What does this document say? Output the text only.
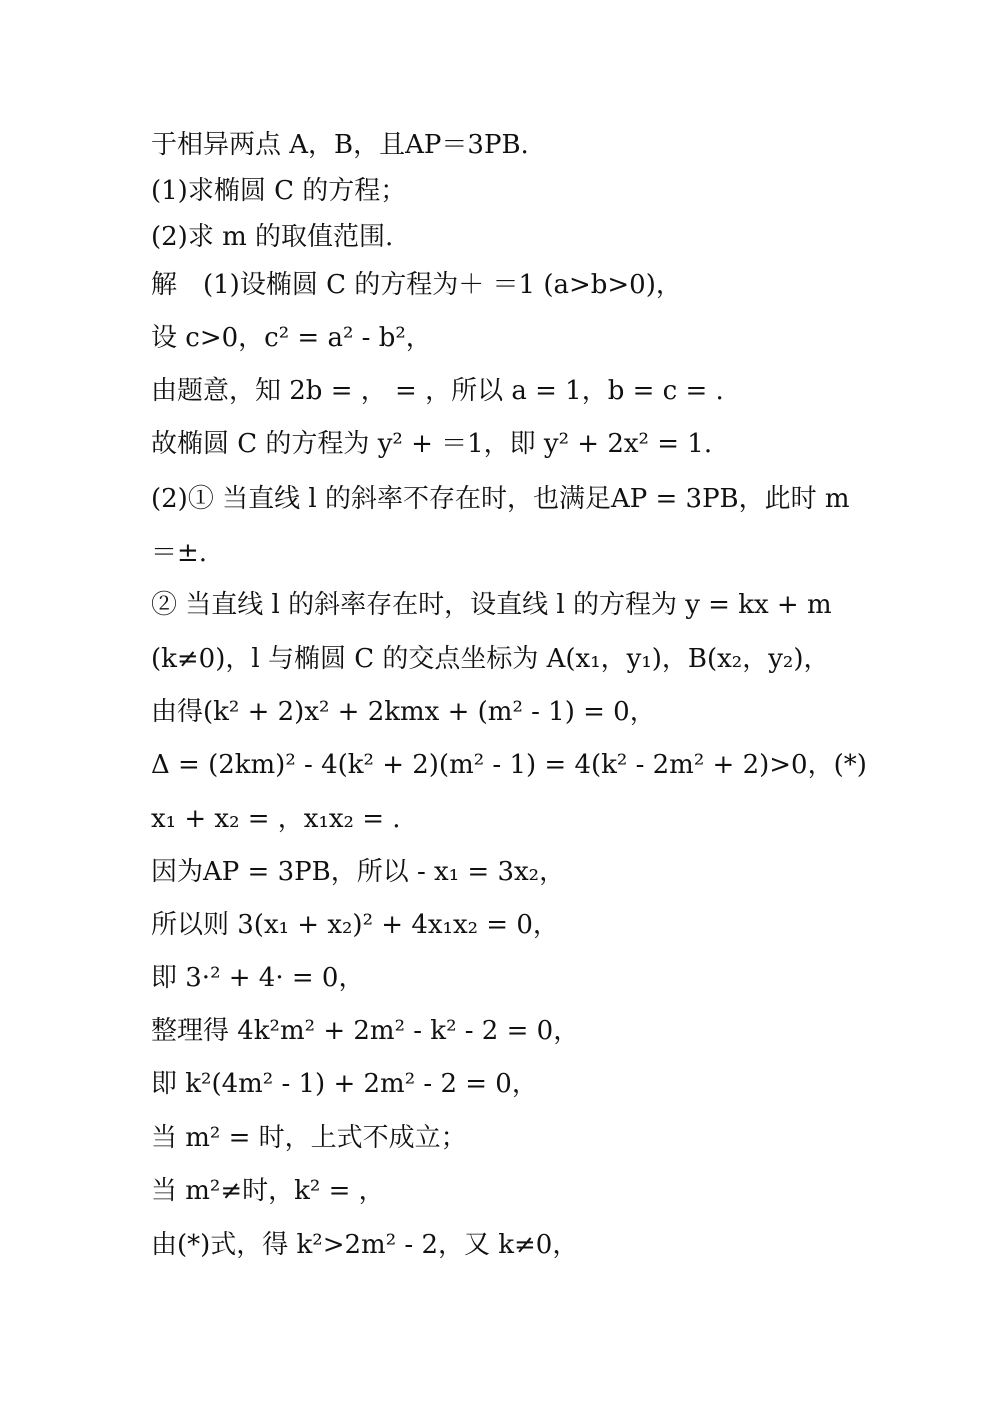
于相异两点 A，B，且AP＝3PB.
(1)求椭圆 C 的方程；
(2)求 m 的取值范围.
解　(1)设椭圆 C 的方程为＋ ＝1 (a>b>0)，
设 c>0，c² = a² - b²，
由题意，知 2b = ， = ，所以 a = 1，b = c = .
故椭圆 C 的方程为 y² + ＝1，即 y² + 2x² = 1.
(2)① 当直线 l 的斜率不存在时，也满足AP = 3PB，此时 m
＝±.
② 当直线 l 的斜率存在时，设直线 l 的方程为 y = kx + m
(k≠0)，l 与椭圆 C 的交点坐标为 A(x₁，y₁)，B(x₂，y₂)，
由得(k² + 2)x² + 2kmx + (m² - 1) = 0，
Δ = (2km)² - 4(k² + 2)(m² - 1) = 4(k² - 2m² + 2)>0，(*)
x₁ + x₂ = ，x₁x₂ = .
因为AP = 3PB，所以 - x₁ = 3x₂，
所以则 3(x₁ + x₂)² + 4x₁x₂ = 0，
即 3·² + 4· = 0，
整理得 4k²m² + 2m² - k² - 2 = 0，
即 k²(4m² - 1) + 2m² - 2 = 0，
当 m² = 时，上式不成立；
当 m²≠时，k² = ，
由(*)式，得 k²>2m² - 2，又 k≠0，
